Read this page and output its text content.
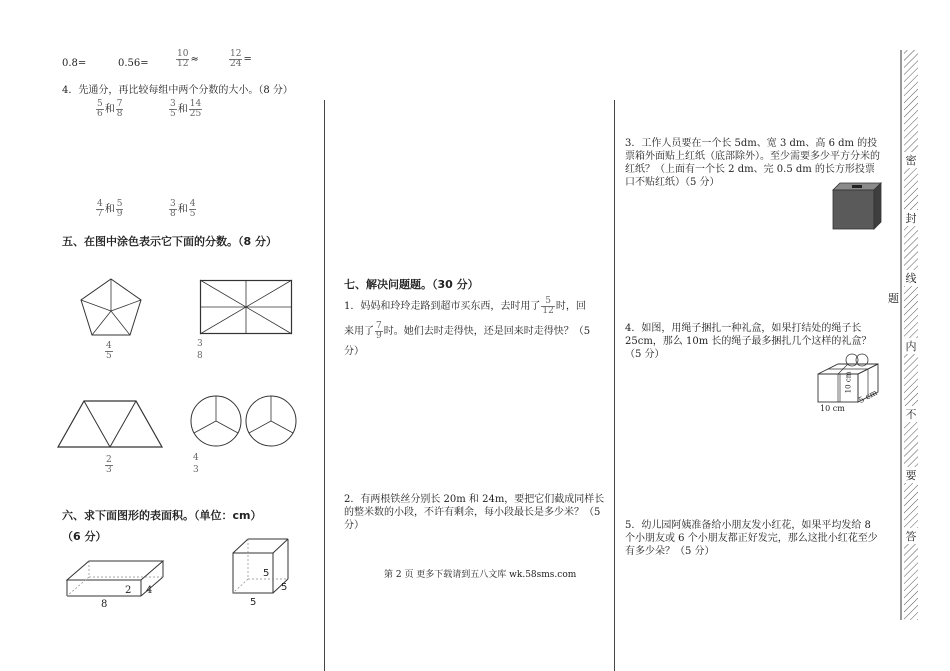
0.8=	0.56=	$\frac{10}{12}$ ≈	$\frac{12}{24}$ =
4．先通分，再比较每组中两个分数的大小。（8 分）
$\frac{5}{6}$ 和 $\frac{7}{8}$	$\frac{3}{5}$ 和 $\frac{14}{25}$
$\frac{4}{7}$ 和 $\frac{5}{9}$	$\frac{3}{8}$ 和 $\frac{4}{5}$
五、在图中涂色表示它下面的分数。（8 分）
$\frac{4}{5}$	3
8
$\frac{2}{3}$	4
3
六、求下面图形的表面积。（单位：cm）
（6 分）
8
2 4
5
5
5
七、解决问题题。（30 分）
1．妈妈和玲玲走路到超市买东西，去时用了 $\frac{5}{12}$ 时，回
来用了 $\frac{7}{9}$ 时。她们去时走得快，还是回来时走得快？（5
分）
2．有两根铁丝分别长 20m 和 24m，要把它们截成同样长的整米数的小段，不许有剩余，每小段最长是多少米？（5 分）
第 2 页 更多下载请到五八文库 wk.58sms.com
3．工作人员要在一个长 5dm、宽 3 dm、高 6 dm 的投票箱外面贴上红纸（底部除外）。至少需要多少平方分米的红纸？（上面有一个长 2 dm、完 0.5 dm 的长方形投票口不贴红纸）（5 分）
4．如图，用绳子捆扎一种礼盒，如果打结处的绳子长 25cm，那么 10m 长的绳子最多捆扎几个这样的礼盒？（5 分）
10 cm
5 cm
10 cm
5．幼儿园阿姨准备给小朋友发小红花，如果平均发给 8 个小朋友或 6 个小朋友都正好发完，那么这批小红花至少有多少朵？（5 分）
密
封
线
内
不
要
答
题
